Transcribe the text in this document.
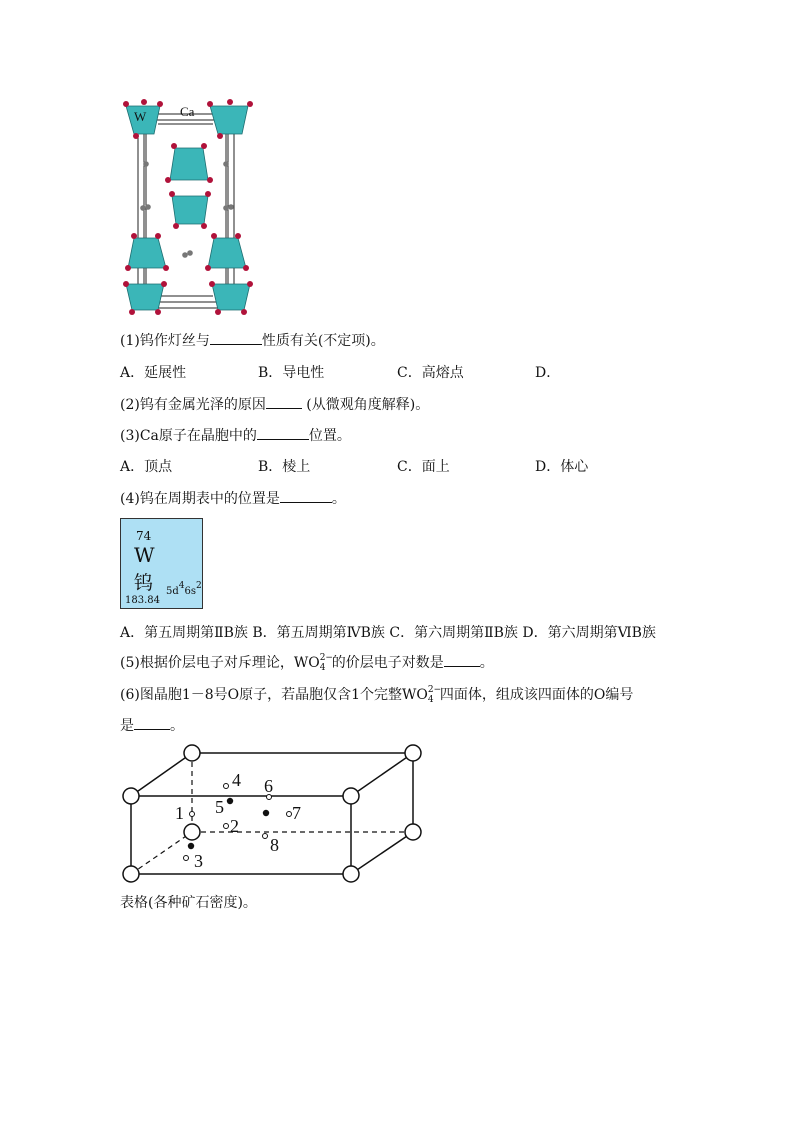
W	Ca
(1)钨作灯丝与	性质有关(不定项)。
A．延展性	B．导电性	C．高熔点	D．
(2)钨有金属光泽的原因	(从微观角度解释)。
(3)Ca原子在晶胞中的	位置。
A．顶点	B．棱上	C．面上	D．体心
(4)钨在周期表中的位置是	。
74
W
钨 5d46s2
183.84
A．第五周期第ⅡB族 B．第五周期第ⅣB族 C．第六周期第ⅡB族 D．第六周期第ⅥB族
(5)根据价层电子对斥理论，WO 2−
4 的价层电子对数是	。
(6)图晶胞1－8号O原子，若晶胞仅含1个完整WO 2−
4 四面体，组成该四面体的O编号
是	。
1
2
3
4
5
6
7
8
表格(各种矿石密度)。
